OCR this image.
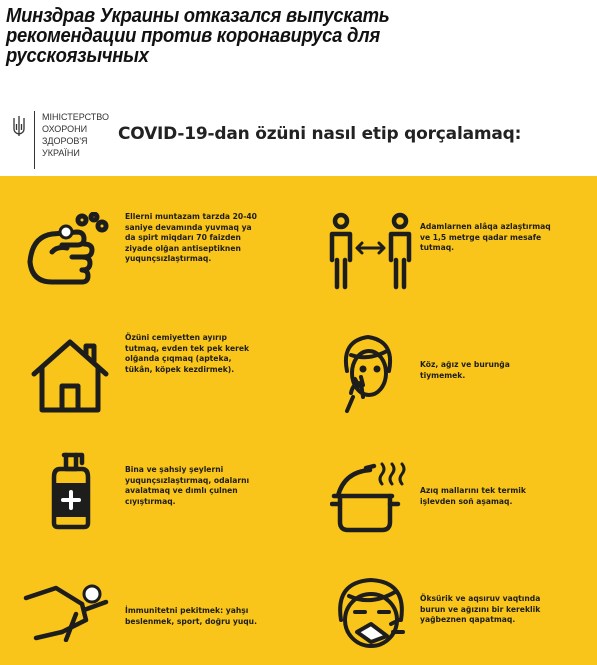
Минздрав Украины отказался выпускать
рекомендации против коронавируса для
русскоязычных
МІНІСТЕРСТВО
ОХОРОНИ
ЗДОРОВ'Я
УКРАЇНИ
COVID-19-dan özüni nasıl etip qorçalamaq:
Ellerni muntazam tarzda 20-40
saniye devamında yuvmaq ya
da spirt miqdarı 70 faizden
ziyade olğan antiseptiknen
yuqunçsızlaştırmaq.
Adamlarnen alâqa azlaştırmaq
ve 1,5 metrge qadar mesafe
tutmaq.
Özüni cemiyetten ayırıp
tutmaq, evden tek pek kerek
olğanda çıqmaq (apteka,
tükân, köpek kezdirmek).	Köz, ağız ve burunğa
tiymemek.
Bina ve şahsiy şeylerni
yuqunçsızlaştırmaq, odalarnı
avalatmaq ve dımlı çulnen
cıyıştırmaq.
Azıq mallarını tek termik
işlevden soñ aşamaq.
İmmunitetni pekitmek: yahşı
beslenmek, sport, doğru yuqu.
Öksürik ve aqsıruv vaqtında
burun ve ağızını bir kereklik
yağbeznen qapatmaq.
